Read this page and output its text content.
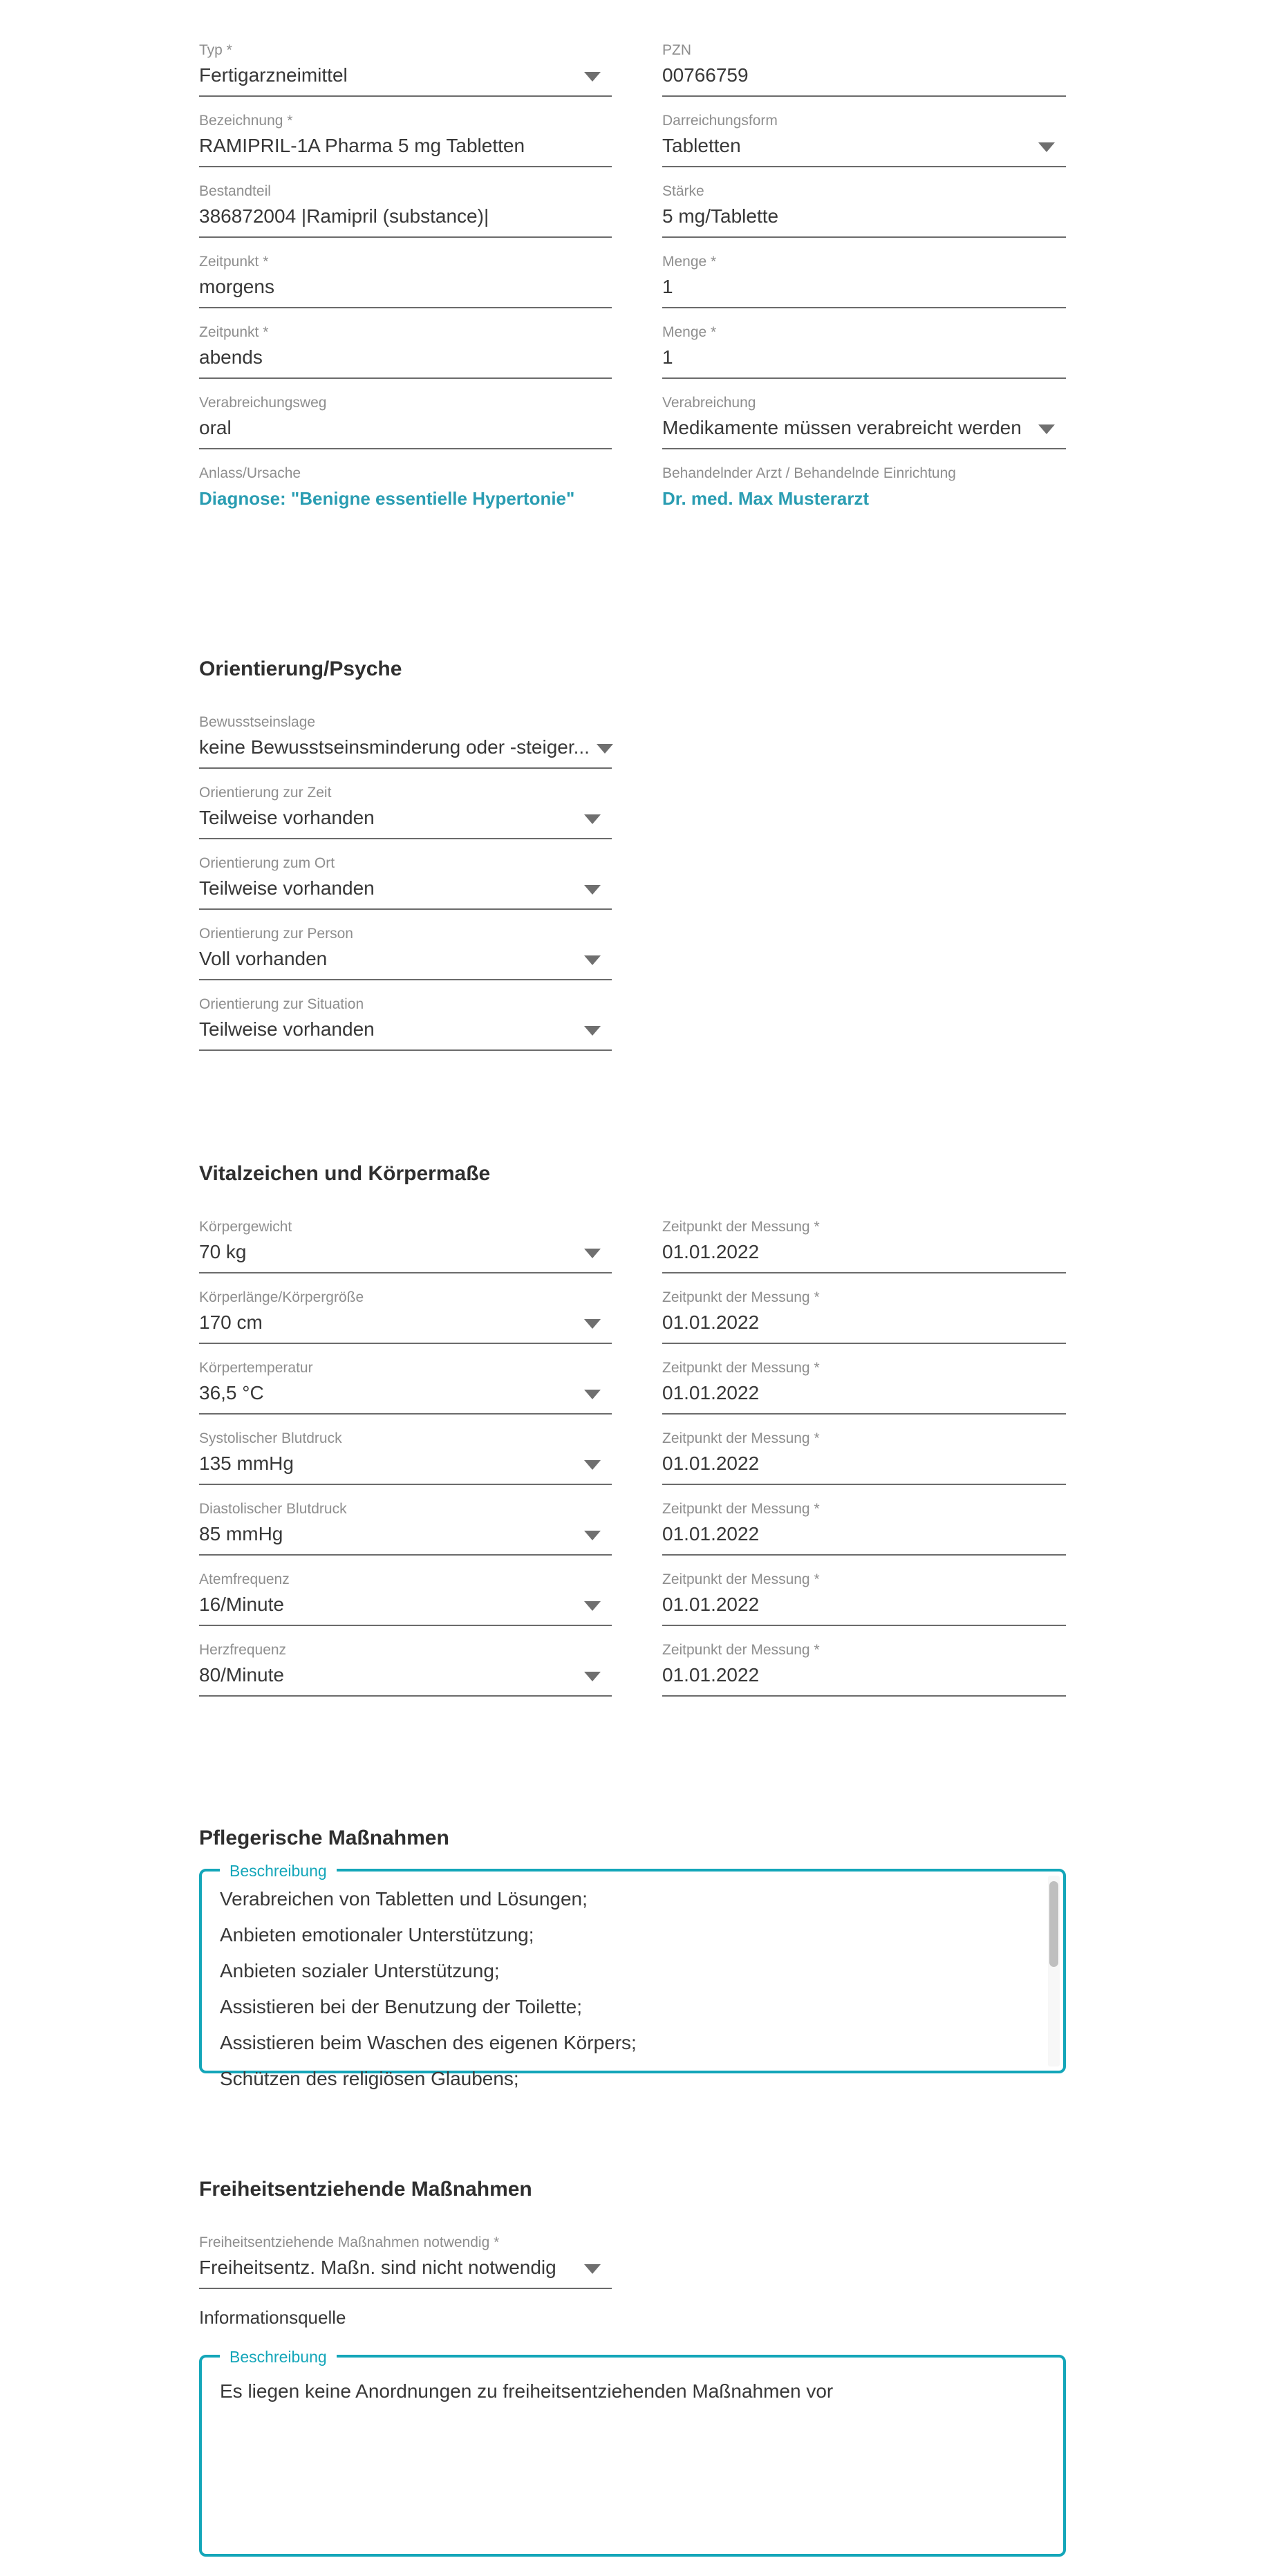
Typ *
Fertigarzneimittel
PZN
00766759
Bezeichnung *
RAMIPRIL-1A Pharma 5 mg Tabletten
Darreichungsform
Tabletten
Bestandteil
386872004 |Ramipril (substance)|
Stärke
5 mg/Tablette
Zeitpunkt *
morgens
Menge *
1
Zeitpunkt *
abends
Menge *
1
Verabreichungsweg
oral
Verabreichung
Medikamente müssen verabreicht werden
Anlass/Ursache
Diagnose: "Benigne essentielle Hypertonie"
Behandelnder Arzt / Behandelnde Einrichtung
Dr. med. Max Musterarzt
Orientierung/Psyche
Bewusstseinslage
keine Bewusstseinsminderung oder -steiger...
Orientierung zur Zeit
Teilweise vorhanden
Orientierung zum Ort
Teilweise vorhanden
Orientierung zur Person
Voll vorhanden
Orientierung zur Situation
Teilweise vorhanden
Vitalzeichen und Körpermaße
Körpergewicht
70 kg
Zeitpunkt der Messung *
01.01.2022
Körperlänge/Körpergröße
170 cm
Zeitpunkt der Messung *
01.01.2022
Körpertemperatur
36,5 °C
Zeitpunkt der Messung *
01.01.2022
Systolischer Blutdruck
135 mmHg
Zeitpunkt der Messung *
01.01.2022
Diastolischer Blutdruck
85 mmHg
Zeitpunkt der Messung *
01.01.2022
Atemfrequenz
16/Minute
Zeitpunkt der Messung *
01.01.2022
Herzfrequenz
80/Minute
Zeitpunkt der Messung *
01.01.2022
Pflegerische Maßnahmen
Beschreibung
Verabreichen von Tabletten und Lösungen;
Anbieten emotionaler Unterstützung;
Anbieten sozialer Unterstützung;
Assistieren bei der Benutzung der Toilette;
Assistieren beim Waschen des eigenen Körpers;
Schützen des religiösen Glaubens;
Freiheitsentziehende Maßnahmen
Freiheitsentziehende Maßnahmen notwendig *
Freiheitsentz. Maßn. sind nicht notwendig
Informationsquelle
Beschreibung
Es liegen keine Anordnungen zu freiheitsentziehenden Maßnahmen vor
